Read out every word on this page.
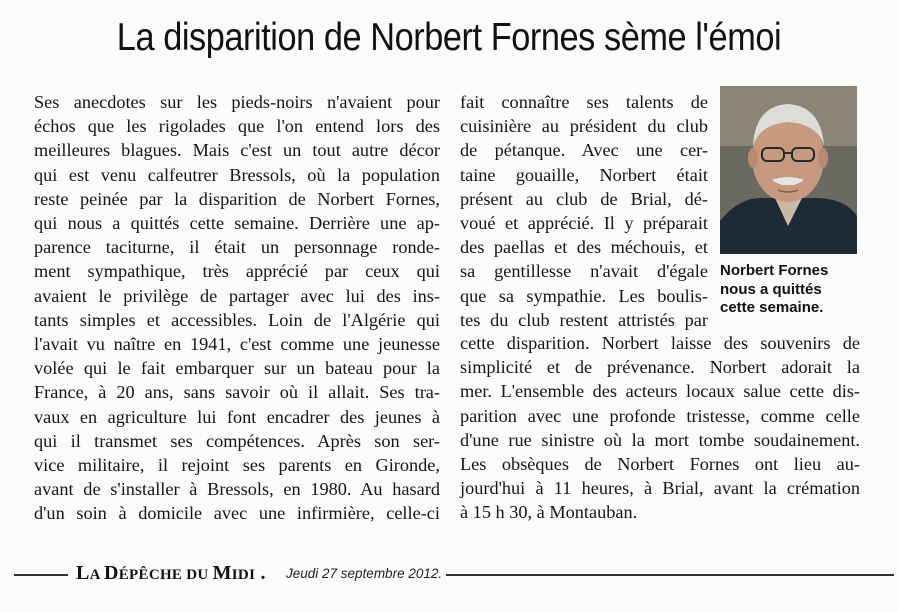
La disparition de Norbert Fornes sème l'émoi
Ses anecdotes sur les pieds-noirs n'avaient pour
échos que les rigolades que l'on entend lors des
meilleures blagues. Mais c'est un tout autre décor
qui est venu calfeutrer Bressols, où la population
reste peinée par la disparition de Norbert Fornes,
qui nous a quittés cette semaine. Derrière une ap-
parence taciturne, il était un personnage ronde-
ment sympathique, très apprécié par ceux qui
avaient le privilège de partager avec lui des ins-
tants simples et accessibles. Loin de l'Algérie qui
l'avait vu naître en 1941, c'est comme une jeunesse
volée qui le fait embarquer sur un bateau pour la
France, à 20 ans, sans savoir où il allait. Ses tra-
vaux en agriculture lui font encadrer des jeunes à
qui il transmet ses compétences. Après son ser-
vice militaire, il rejoint ses parents en Gironde,
avant de s'installer à Bressols, en 1980. Au hasard
d'un soin à domicile avec une infirmière, celle-ci
fait connaître ses talents de
cuisinière au président du club
de pétanque. Avec une cer-
taine gouaille, Norbert était
présent au club de Brial, dé-
voué et apprécié. Il y préparait
des paellas et des méchouis, et
sa gentillesse n'avait d'égale
que sa sympathie. Les boulis-
tes du club restent attristés par
Norbert Fornes
nous a quittés
cette semaine.
cette disparition. Norbert laisse des souvenirs de
simplicité et de prévenance. Norbert adorait la
mer. L'ensemble des acteurs locaux salue cette dis-
parition avec une profonde tristesse, comme celle
d'une rue sinistre où la mort tombe soudainement.
Les obsèques de Norbert Fornes ont lieu au-
jourd'hui à 11 heures, à Brial, avant la crémation
à 15 h 30, à Montauban.
LA DÉPÊCHE DU MIDI . Jeudi 27 septembre 2012.
